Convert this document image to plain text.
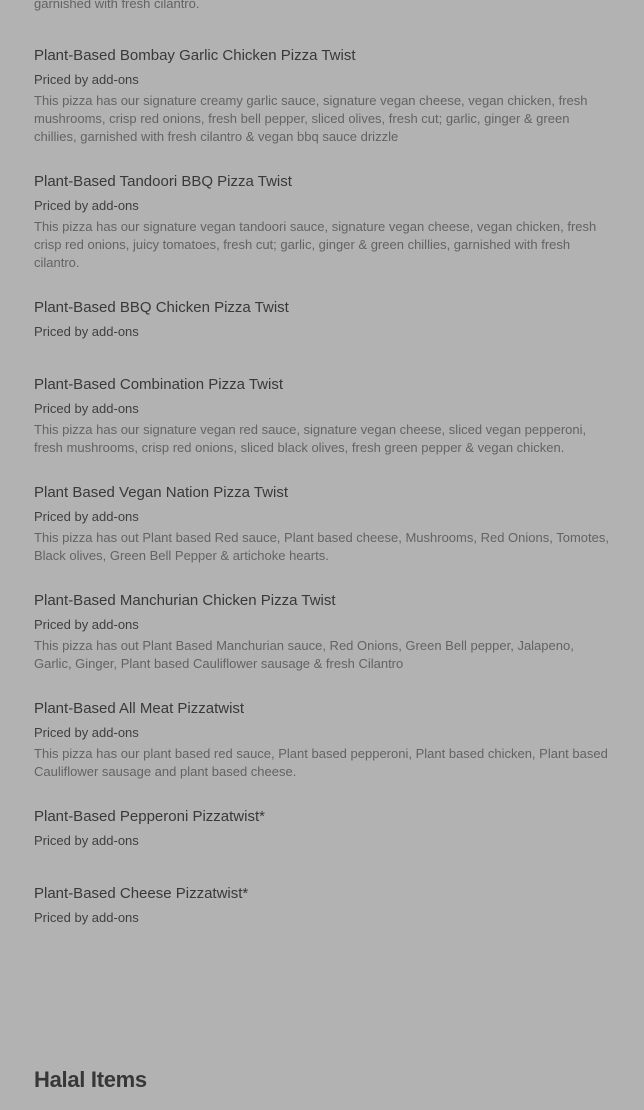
garnished with fresh cilantro.
Plant-Based Bombay Garlic Chicken Pizza Twist
Priced by add-ons

This pizza has our signature creamy garlic sauce, signature vegan cheese, vegan chicken, fresh mushrooms, crisp red onions, fresh bell pepper, sliced olives, fresh cut; garlic, ginger & green chillies, garnished with fresh cilantro & vegan bbq sauce drizzle

Plant-Based Tandoori BBQ Pizza Twist
Priced by add-ons

This pizza has our signature vegan tandoori sauce, signature vegan cheese, vegan chicken, fresh crisp red onions, juicy tomatoes, fresh cut; garlic, ginger & green chillies, garnished with fresh cilantro.

Plant-Based BBQ Chicken Pizza Twist
Priced by add-ons
Plant-Based Combination Pizza Twist
Priced by add-ons

This pizza has our signature vegan red sauce, signature vegan cheese, sliced vegan pepperoni, fresh mushrooms, crisp red onions, sliced black olives, fresh green pepper & vegan chicken.

Plant Based Vegan Nation Pizza Twist
Priced by add-ons

This pizza has out Plant based Red sauce, Plant based cheese, Mushrooms, Red Onions, Tomotes, Black olives, Green Bell Pepper & artichoke hearts.

Plant-Based Manchurian Chicken Pizza Twist
Priced by add-ons

This pizza has out Plant Based Manchurian sauce, Red Onions, Green Bell pepper, Jalapeno, Garlic, Ginger, Plant based Cauliflower sausage & fresh Cilantro

Plant-Based All Meat Pizzatwist
Priced by add-ons

This pizza has our plant based red sauce, Plant based pepperoni, Plant based chicken, Plant based Cauliflower sausage and plant based cheese.

Plant-Based Pepperoni Pizzatwist*
Priced by add-ons
Plant-Based Cheese Pizzatwist*
Priced by add-ons
Halal Items
